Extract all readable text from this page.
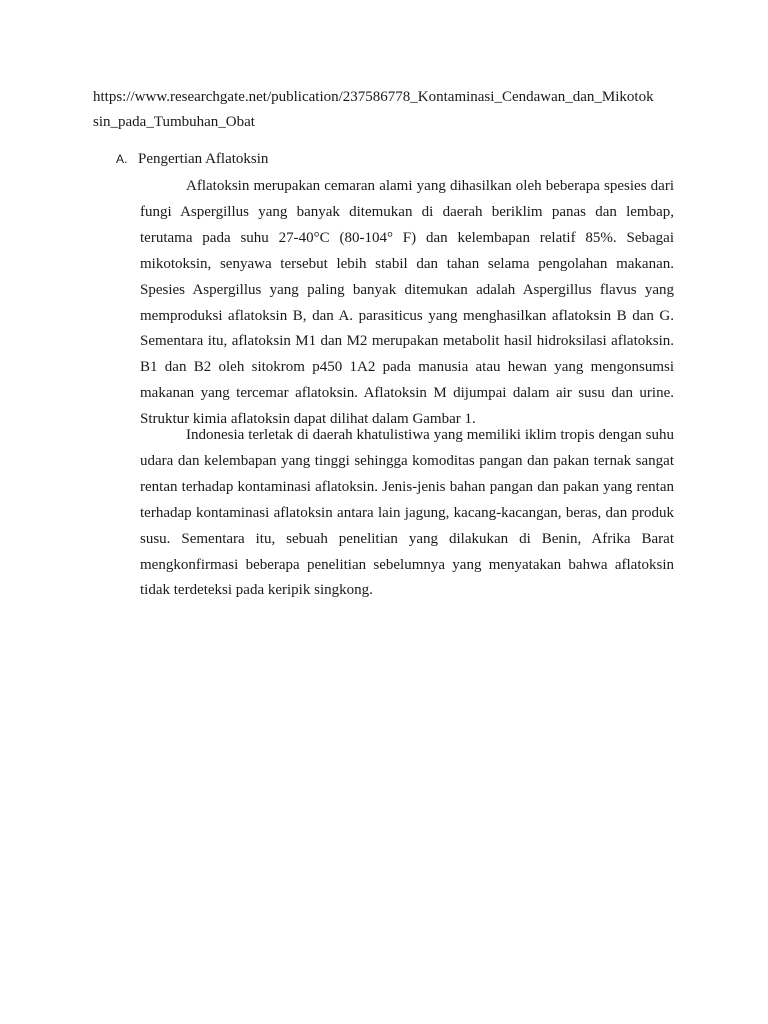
https://www.researchgate.net/publication/237586778_Kontaminasi_Cendawan_dan_Mikotok
sin_pada_Tumbuhan_Obat
A. Pengertian Aflatoksin

Aflatoksin merupakan cemaran alami yang dihasilkan oleh beberapa spesies dari fungi Aspergillus yang banyak ditemukan di daerah beriklim panas dan lembap, terutama pada suhu 27-40°C (80-104° F) dan kelembapan relatif 85%. Sebagai mikotoksin, senyawa tersebut lebih stabil dan tahan selama pengolahan makanan. Spesies Aspergillus yang paling banyak ditemukan adalah Aspergillus flavus yang memproduksi aflatoksin B, dan A. parasiticus yang menghasilkan aflatoksin B dan G. Sementara itu, aflatoksin M1 dan M2 merupakan metabolit hasil hidroksilasi aflatoksin. B1 dan B2 oleh sitokrom p450 1A2 pada manusia atau hewan yang mengonsumsi makanan yang tercemar aflatoksin. Aflatoksin M dijumpai dalam air susu dan urine. Struktur kimia aflatoksin dapat dilihat dalam Gambar 1.

Indonesia terletak di daerah khatulistiwa yang memiliki iklim tropis dengan suhu udara dan kelembapan yang tinggi sehingga komoditas pangan dan pakan ternak sangat rentan terhadap kontaminasi aflatoksin. Jenis-jenis bahan pangan dan pakan yang rentan terhadap kontaminasi aflatoksin antara lain jagung, kacang-kacangan, beras, dan produk susu. Sementara itu, sebuah penelitian yang dilakukan di Benin, Afrika Barat mengkonfirmasi beberapa penelitian sebelumnya yang menyatakan bahwa aflatoksin tidak terdeteksi pada keripik singkong.
